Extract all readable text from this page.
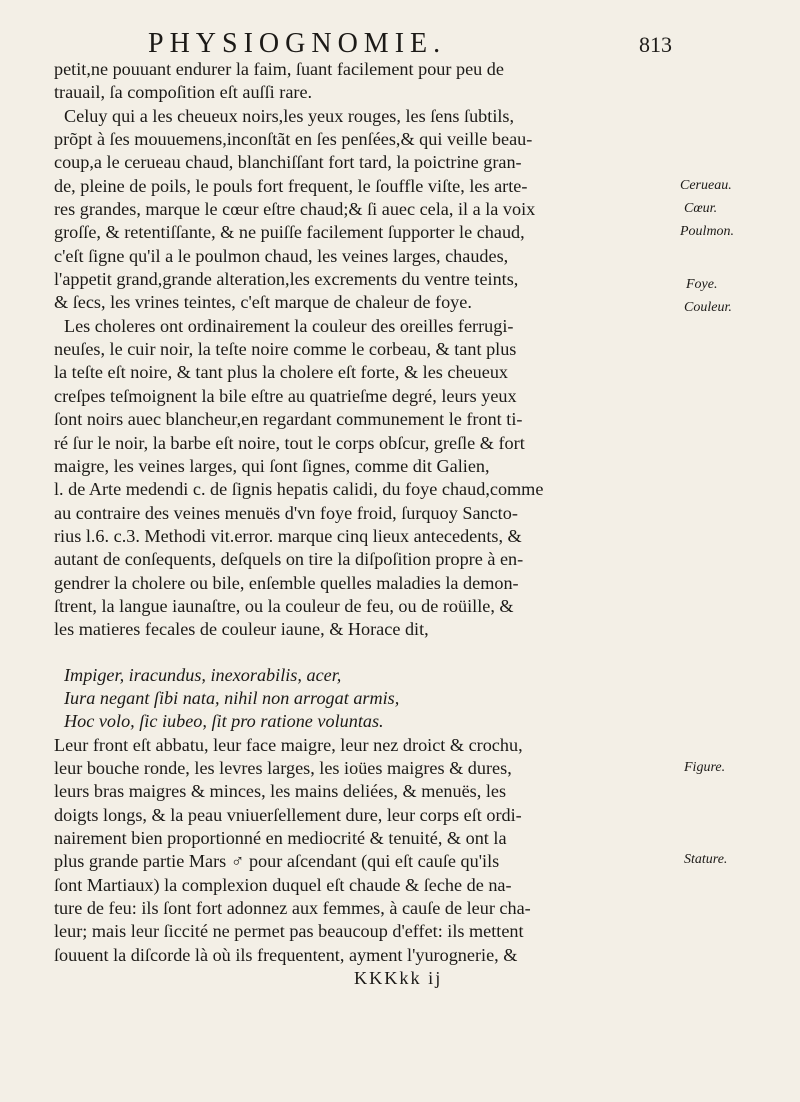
PHYSIOGNOMIE.	813
petit,ne pouuant endurer la faim, ſuant facilement pour peu de
trauail, ſa compoſition eſt auſſi rare.
Celuy qui a les cheueux noirs,les yeux rouges, les ſens ſubtils,
prõpt à ſes mouuemens,inconſtãt en ſes penſées,& qui veille beau-
coup,a le cerueau chaud, blanchiſſant fort tard, la poictrine gran-
de, pleine de poils, le pouls fort frequent, le ſouffle viſte, les arte-
res grandes, marque le cœur eſtre chaud;& ſi auec cela, il a la voix
groſſe, & retentiſſante, & ne puiſſe facilement ſupporter le chaud,
c'eſt ſigne qu'il a le poulmon chaud, les veines larges, chaudes,
l'appetit grand,grande alteration,les excrements du ventre teints,
& ſecs, les vrines teintes, c'eſt marque de chaleur de foye.
Les choleres ont ordinairement la couleur des oreilles ferrugi-
neuſes, le cuir noir, la teſte noire comme le corbeau, & tant plus
la teſte eſt noire, & tant plus la cholere eſt forte, & les cheueux
creſpes teſmoignent la bile eſtre au quatrieſme degré, leurs yeux
ſont noirs auec blancheur,en regardant communement le front ti-
ré ſur le noir, la barbe eſt noire, tout le corps obſcur, greſle & fort
maigre, les veines larges, qui ſont ſignes, comme dit Galien,
l. de Arte medendi c. de ſignis hepatis calidi, du foye chaud,comme
au contraire des veines menuës d'vn foye froid, ſurquoy Sancto-
rius l.6. c.3. Methodi vit.error. marque cinq lieux antecedents, &
autant de conſequents, deſquels on tire la diſpoſition propre à en-
gendrer la cholere ou bile, enſemble quelles maladies la demon-
ſtrent, la langue iaunaſtre, ou la couleur de feu, ou de roüille, &
les matieres fecales de couleur iaune, & Horace dit,
Impiger, iracundus, inexorabilis, acer,
Iura negant ſibi nata, nihil non arrogat armis,
Hoc volo, ſic iubeo, ſit pro ratione voluntas.
Leur front eſt abbatu, leur face maigre, leur nez droict & crochu,
leur bouche ronde, les levres larges, les ioües maigres & dures,
leurs bras maigres & minces, les mains deliées, & menuës, les
doigts longs, & la peau vniuerſellement dure, leur corps eſt ordi-
nairement bien proportionné en mediocrité & tenuité, & ont la
plus grande partie Mars ♂ pour aſcendant (qui eſt cauſe qu'ils
ſont Martiaux) la complexion duquel eſt chaude & ſeche de na-
ture de feu: ils ſont fort adonnez aux femmes, à cauſe de leur cha-
leur; mais leur ſiccité ne permet pas beaucoup d'effet: ils mettent
ſouuent la diſcorde là où ils frequentent, ayment l'yurognerie, &
KKKkk ij
Cerueau.
Cœur.
Poulmon.
Foye.
Couleur.
Figure.
Stature.
